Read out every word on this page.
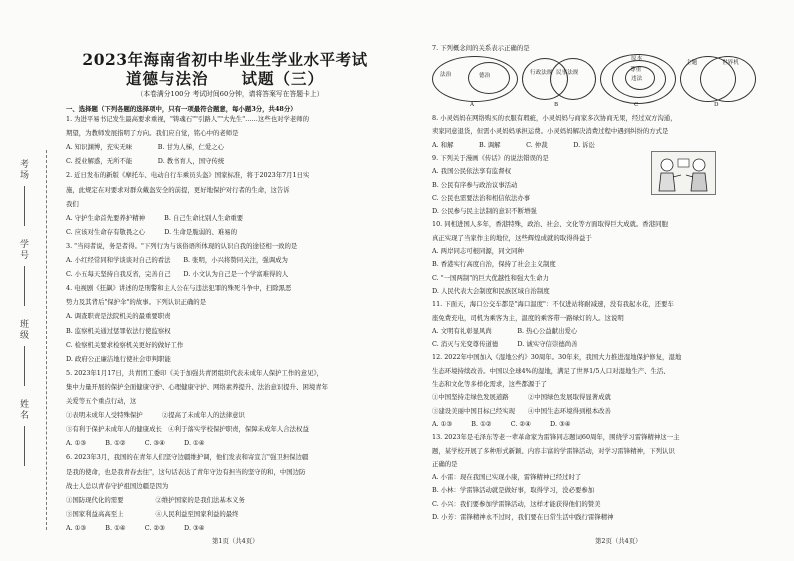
考场
学号
班级
姓名
2023年海南省初中毕业生学业水平考试
道德与法治　　试题（三）
（本卷满分100分 考试时间60分钟，请将答案写在答题卡上）
一、选择题（下列各题的选择项中，只有一项最符合题意，每小题3分，共48分）
1. 为进平易书记发生最高要求重视，"铸魂石""引路人""大先生"……这些也对学老师的
期望，为教师发展指明了方向。我们应自觉，铭心中的老师是
A. 知识渊博，充实无味　　　　B. 甘为人梯，仁爱之心
C. 授业解惑，无所不能　　　　D. 教书育人，国守传统
2. 近日发布的新版《摩托车、电动自行车乘员头盔》国家标准，将于2023年7月1日实
施，此规定在对要求对群众戴盔安全的前提，更好地保护对行者的生命，这告诉
我们
A. 守护生命首先要养护精神　　　B. 自己生命比别人生命重要
C. 应该对生命存有敬畏之心　　　D. 生命是脆弱的、难易的
3. "当闷者说，务是者得。"下列行为与该俗语所体现的认识自我的途径相一致的是
A. 小红经常同和学谈谈对自己的看法　　B. 张明，小兴将赞同关注，强调成为
C. 小五每天坚持自我反省，完善自己　　D. 小文认为自己是一个学富难得的人
4. 电视剧《狂飙》讲述的是刑警和主人公在与违法犯罪的殊死斗争中，扫除黑恶
势力及其背后"保护伞"的故事。下列认识正确的是
A. 调查职责是法院机关的最重要职责
B. 监察机关通过惩罪依法行使监察权
C. 检察机关要求检察机关更好的做好工作
D. 政府公正廉洁地行使社会审判职能
5. 2023年1月17日，共青团工委印《关于加强共青团组织代表未成年人保护工作的意见》，
集中力量开展的保护全面健康守护、心理健康守护、网络素养提升、法治意识提升、困境青年
关爱等五个重点行动，这
①表明未成年人受特殊保护　　　②提高了未成年人的法律意识
③有利于保护未成年人的健康成长　④利于落实学校保护职责，保障未成年人合法权益
A. ①③　　　B. ①②　　　C. ③④　　　D. ①④
6. 2023年3月，我国的在青年人们坚守边疆维护调，他们发表和寄宣言"强卫担保边疆
是我的使命，也是我青春去往"，这句话表达了青年守边有担当的坚守的和，中国边防
战士人总以青春守护祖国边疆是因为
①国防现代化的需要　　　　　②维护国家的是我们法基本义务
③国家利益高高至上　　　　　④人民利益至国家利益的最终
A. ①③　　　B. ①④　　　C. ②③　　　D. ③④
第1页（共4页）
7. 下列概念间的关系表示正确的是
法治	德治
A
行政法规 民事法规
B
原本
尊重
违法
C
主题	世界机
D
8. 小灵妈妈在网络购买的衣服有瑕疵，小灵妈妈与商家多次协商无果，经过双方沟通，
卖家同意退货，但需小灵妈妈承担运费。小灵妈妈解决消费过程中遇到纠纷的方式是
A. 和解　　　　B. 调解　　　　C. 仲裁　　　　D. 诉讼
9. 下列关于漫画《传话》的说法错误的是
A. 我国公民依法享有监督权
B. 公民有序参与政治议事活动
C. 公民也需要法治和相信依法办事
D. 公民参与民主法制的意识不断增强
10. 同相进国人多年，香港特殊，政治、社会、文化等方面取得巨大成就。香港同胞
真正实现了当家作主的地位，这些辉煌成就的取得得益于
A. 两岸同志可根同源，同文同种
B. 香港实行高度自治，保持了社会主义制度
C. "一国两制"的巨大优越性和强大生命力
D. 人民代表大会制度和民族区域自治制度
11. 下面天，海口公交车都是"海口温度"：不仅进站将耐减速，没有我起水花，还要车
座免费充电，司机为乘客为主，温度的乘客带一路绿灯的人。这说明
A. 文明有礼彰显风尚　　　　B. 热心公益献出爱心
C. 消灭与光变尊传道德　　　D. 诚实守信崇德尚善
12. 2022年中国加入《湿地公约》30周年。30年来，我国大力推进湿地保护修复，湿地
生态环境持续改善。中国以全球4%的湿地，满足了世界1/5人口对湿地生产、生活、
生态和文化等多样化需求，这些都源于了
①中国坚持走绿色发展道路　　　②中国绿色发展取得显著成就
③建设美丽中国目标已经实现　　④中国生态环境得到根本改善
A. ①③　　　B. ①②　　　C. ②④　　　D. ③④
13. 2023年是毛泽东等老一辈革命家为雷锋同志题词60周年，围绕学习雷锋精神这一主
题，某学校开展了多种形式新颖、内容丰富的学雷锋活动，对学习雷锋精神，下列认识
正确的是
A. 小雷：现在我国已实现小康，雷锋精神已经过时了
B. 小林：学雷锋活动就是做好事，取得学习，没必要参加
C. 小兴：我们要参加学雷锋活动，这样才能获得他们的赞美
D. 小芳：雷锋精神永不过时，我们要在日常生活中践行雷锋精神
第2页（共4页）
